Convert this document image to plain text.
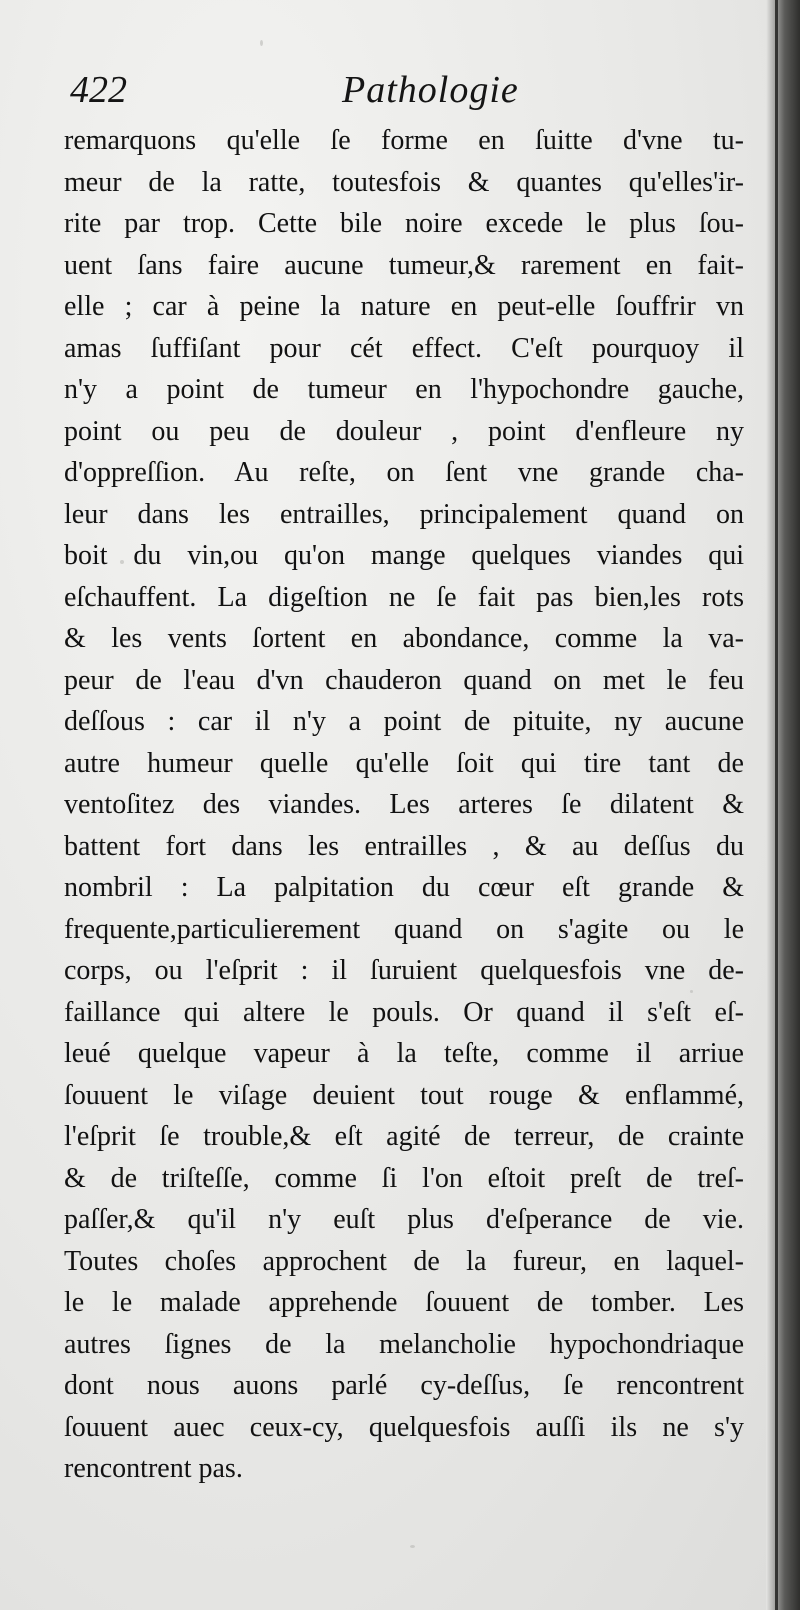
422	Pathologie
remarquons qu'elle ſe forme en ſuitte d'vne tu-
meur de la ratte, toutesfois & quantes qu'elles'ir-
rite par trop. Cette bile noire excede le plus ſou-
uent ſans faire aucune tumeur,& rarement en fait-
elle ; car à peine la nature en peut-elle ſouffrir vn
amas ſuffiſant pour cét effect. C'eſt pourquoy il
n'y a point de tumeur en l'hypochondre gauche,
point ou peu de douleur , point d'enfleure ny
d'oppreſſion. Au reſte, on ſent vne grande cha-
leur dans les entrailles, principalement quand on
boit du vin,ou qu'on mange quelques viandes qui
eſchauffent. La digeſtion ne ſe fait pas bien,les rots
& les vents ſortent en abondance, comme la va-
peur de l'eau d'vn chauderon quand on met le feu
deſſous : car il n'y a point de pituite, ny aucune
autre humeur quelle qu'elle ſoit qui tire tant de
ventoſitez des viandes. Les arteres ſe dilatent &
battent fort dans les entrailles , & au deſſus du
nombril : La palpitation du cœur eſt grande &
frequente,particulierement quand on s'agite ou le
corps, ou l'eſprit : il ſuruient quelquesfois vne de-
faillance qui altere le pouls. Or quand il s'eſt eſ-
leué quelque vapeur à la teſte, comme il arriue
ſouuent le viſage deuient tout rouge & enflammé,
l'eſprit ſe trouble,& eſt agité de terreur, de crainte
& de triſteſſe, comme ſi l'on eſtoit preſt de treſ-
paſſer,& qu'il n'y euſt plus d'eſperance de vie.
Toutes choſes approchent de la fureur, en laquel-
le le malade apprehende ſouuent de tomber. Les
autres ſignes de la melancholie hypochondriaque
dont nous auons parlé cy-deſſus, ſe rencontrent
ſouuent auec ceux-cy, quelquesfois auſſi ils ne s'y
rencontrent pas.
